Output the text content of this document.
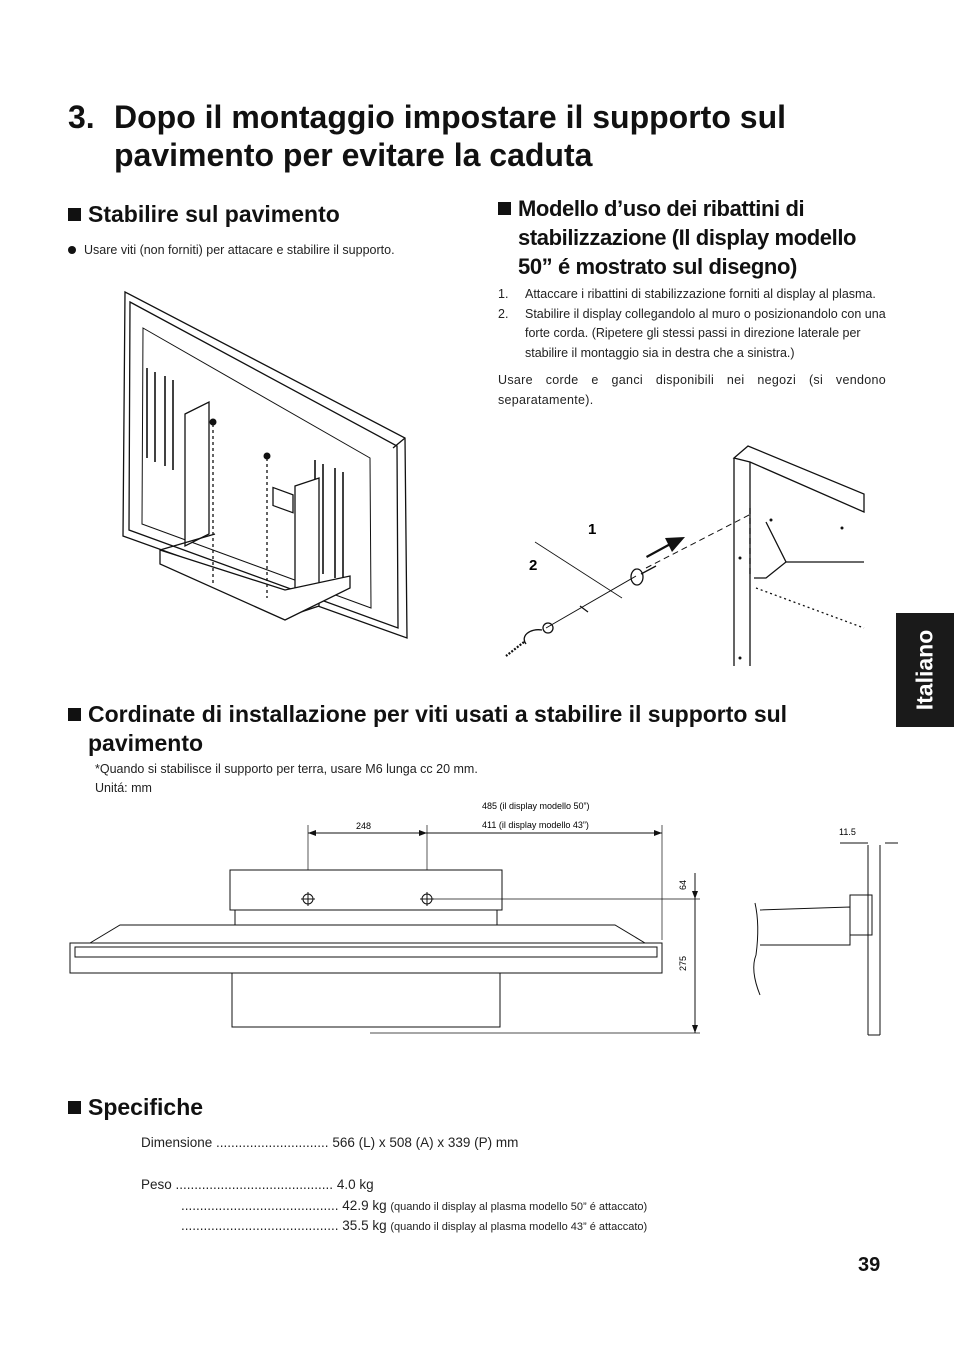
3. Dopo il montaggio impostare il supporto sul
pavimento per evitare la caduta
Stabilire sul pavimento
Usare viti (non forniti) per attacare e stabilire il supporto.
Modello d’uso dei ribattini di
stabilizzazione (Il display modello
50” é mostrato sul disegno)
1.	Attaccare i ribattini di stabilizzazione forniti al display al plasma.
2.	Stabilire il display collegandolo al muro o posizionandolo con una forte corda. (Ripetere gli stessi passi in direzione laterale per stabilire il montaggio sia in destra che a sinistra.)
Usare corde e ganci disponibili nei negozi (si vendono separatamente).
1
2
Italiano
Cordinate di installazione per viti usati a stabilire il supporto sul
pavimento
*Quando si stabilisce il supporto per terra, usare M6 lunga cc 20 mm.
Unitá: mm
248
485 (il display modello 50”)
411 (il display modello 43”)
64
275
11.5
Specifiche
Dimensione .............................. 566 (L) x 508 (A) x 339 (P) mm
Peso .......................................... 4.0 kg
.......................................... 42.9 kg (quando il display al plasma modello 50” é attaccato)
.......................................... 35.5 kg (quando il display al plasma modello 43” é attaccato)
39
